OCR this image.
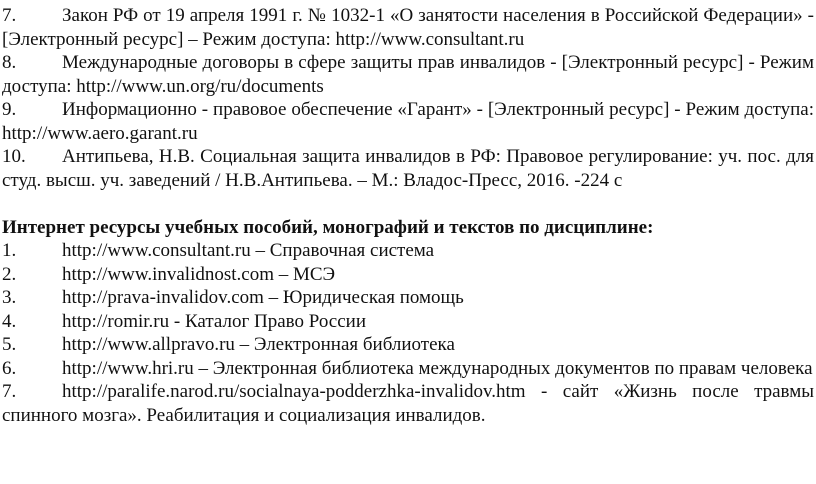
7. Закон РФ от 19 апреля 1991 г. № 1032-1 «О занятости населения в Российской Федерации» - [Электронный ресурс] – Режим доступа: http://www.consultant.ru

8. Международные договоры в сфере защиты прав инвалидов - [Электронный ресурс] - Режим доступа: http://www.un.org/ru/documents

9. Информационно - правовое обеспечение «Гарант» - [Электронный ресурс] - Режим доступа: http://www.aero.garant.ru

10. Антипьева, Н.В. Социальная защита инвалидов в РФ: Правовое регулирование: уч. пос. для студ. высш. уч. заведений / Н.В.Антипьева. – М.: Владос-Пресс, 2016. -224 с

Интернет ресурсы учебных пособий, монографий и текстов по дисциплине:

1. http://www.consultant.ru – Справочная система

2. http://www.invalidnost.com – МСЭ

3. http://prava-invalidov.com – Юридическая помощь

4. http://romir.ru - Каталог Право России

5. http://www.allpravo.ru – Электронная библиотека

6. http://www.hri.ru – Электронная библиотека международных документов по правам человека

7. http://paralife.narod.ru/socialnaya-podderzhka-invalidov.htm - сайт «Жизнь после травмы спинного мозга». Реабилитация и социализация инвалидов.
